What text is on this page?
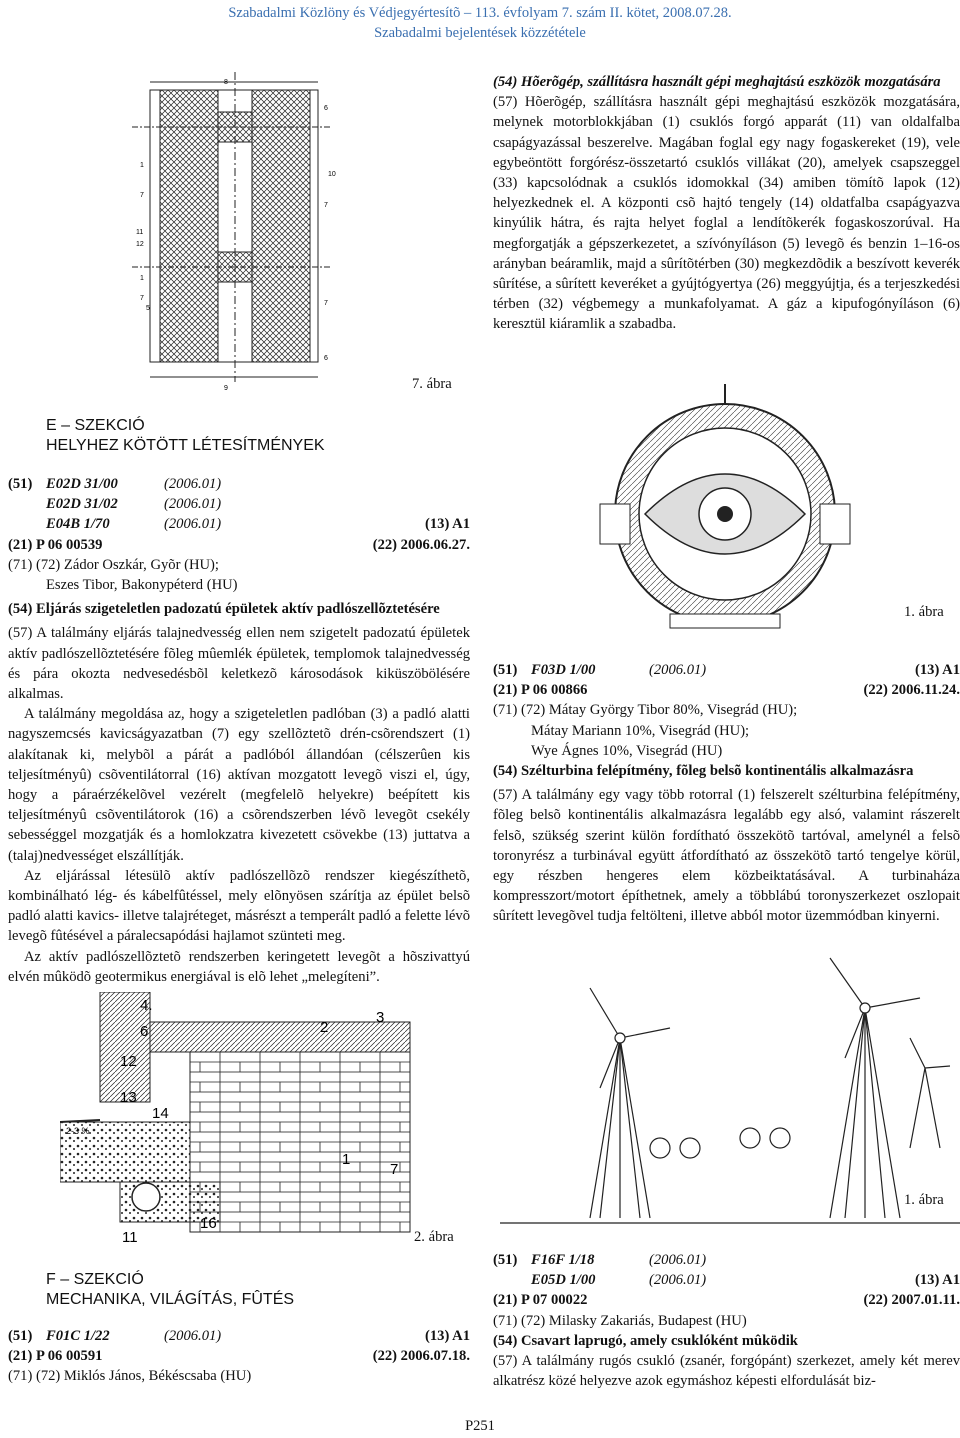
Szabadalmi Közlöny és Védjegyértesítõ – 113. évfolyam 7. szám II. kötet, 2008.07.28.
Szabadalmi bejelentések közzététele
8
6
1
10
7
7
11
12
1
7
5
7
6
9	7. ábra

(54) Hõerõgép, szállításra használt gépi meghajtású eszközök mozgatására

(57) Hõerõgép, szállításra használt gépi meghajtású eszközök mozgatására, melynek motorblokkjában (1) csuklós forgó apparát (11) van oldalfalba csapágyazással beszerelve. Magában foglal egy nagy fogaskereket (19), vele egybeöntött forgórész-összetartó csuklós villákat (20), amelyek csapszeggel (33) kapcsolódnak a csuklós idomokkal (34) amiben tömítõ lapok (12) helyezkednek el. A központi csõ hajtó tengely (14) oldatfalba csapágyazva kinyúlik hátra, és rajta helyet foglal a lendítõkerék fogaskoszorúval. Ha megforgatják a gépszerkezetet, a szívónyíláson (5) levegõ és benzin 1–16-os arányban beáramlik, majd a sûrítõtérben (30) megkezdõdik a beszívott keverék sûrítése, a sûrített keveréket a gyújtógyertya (26) meggyújtja, és a terjeszkedési térben (32) végbemegy a munkafolyamat. A gáz a kipufogónyíláson (6) keresztül kiáramlik a szabadba.

E – SZEKCIÓ
HELYHEZ KÖTÖTT LÉTESÍTMÉNYEK
(51) E02D 31/00	(2006.01)
E02D 31/02	(2006.01)
E04B 1/70	(2006.01)	(13) A1
(21) P 06 00539	(22) 2006.06.27.
(71) (72) Zádor Oszkár, Gyõr (HU);
Eszes Tibor, Bakonypéterd (HU)

(54) Eljárás szigeteletlen padozatú épületek aktív padlószellõztetésére

(57) A találmány eljárás talajnedvesség ellen nem szigetelt padozatú épületek aktív padlószellõztetésére fõleg mûemlék épületek, templomok talajnedvesség és pára okozta nedvesedésbõl keletkezõ károsodások kiküszöbölésére alkalmas.

A találmány megoldása az, hogy a szigeteletlen padlóban (3) a padló alatti nagyszemcsés kavicságyazatban (7) egy szellõztetõ drén-csõrendszert (1) alakítanak ki, melybõl a párát a padlóból állandóan (célszerûen kis teljesítményû) csõventilátorral (16) aktívan mozgatott levegõ viszi el, úgy, hogy a páraérzékelõvel vezérelt (megfelelõ helyekre) beépített kis teljesítményû csõventilátorok (16) a csõrendszerben lévõ levegõt csekély sebességgel mozgatják és a homlokzatra kivezetett csövekbe (13) juttatva a (talaj)nedvességet elszállítják.

Az eljárással létesülõ aktív padlószellõzõ rendszer kiegészíthetõ, kombinálható lég- és kábelfûtéssel, mely elõnyösen szárítja az épület belsõ padló alatti kavics- illetve talajréteget, másrészt a temperált padló a felette lévõ levegõ fûtésével a páralecsapódási hajlamot szünteti meg.

Az aktív padlószellõztetõ rendszerben keringetett levegõt a hõszivattyú elvén mûködõ geotermikus energiával is elõ lehet „melegíteni”.

4.
6
12
13
14
2
3
2-3 %
1
7
11
16
2. ábra
F – SZEKCIÓ
MECHANIKA, VILÁGÍTÁS, FÛTÉS
(51) F01C 1/22	(2006.01)	(13) A1
(21) P 06 00591	(22) 2006.07.18.
(71) (72) Miklós János, Békéscsaba (HU)
1. ábra
(51) F03D 1/00	(2006.01)	(13) A1
(21) P 06 00866	(22) 2006.11.24.
(71) (72) Mátay György Tibor 80%, Visegrád (HU);
Mátay Mariann 10%, Visegrád (HU);
Wye Ágnes 10%, Visegrád (HU)

(54) Szélturbina felépítmény, fõleg belsõ kontinentális alkalmazásra

(57) A találmány egy vagy több rotorral (1) felszerelt szélturbina felépítmény, fõleg belsõ kontinentális alkalmazásra legalább egy alsó, valamint rászerelt felsõ, szükség szerint külön fordítható összekötõ tartóval, amelynél a felsõ toronyrész a turbinával együtt átfordítható az összekötõ tartó tengelye körül, egy részben hengeres elem közbeiktatásával. A turbinaháza kompresszort/motort építhetnek, amely a többlábú toronyszerkezet oszlopait sûrített levegõvel tudja feltölteni, illetve abból motor üzemmódban kinyerni.

1. ábra
(51) F16F 1/18	(2006.01)
E05D 1/00	(2006.01)	(13) A1
(21) P 07 00022	(22) 2007.01.11.
(71) (72) Milasky Zakariás, Budapest (HU)

(54) Csavart laprugó, amely csuklóként mûködik

(57) A találmány rugós csukló (zsanér, forgópánt) szerkezet, amely két merev alkatrész közé helyezve azok egymáshoz képesti elfordulását biz-

P251
